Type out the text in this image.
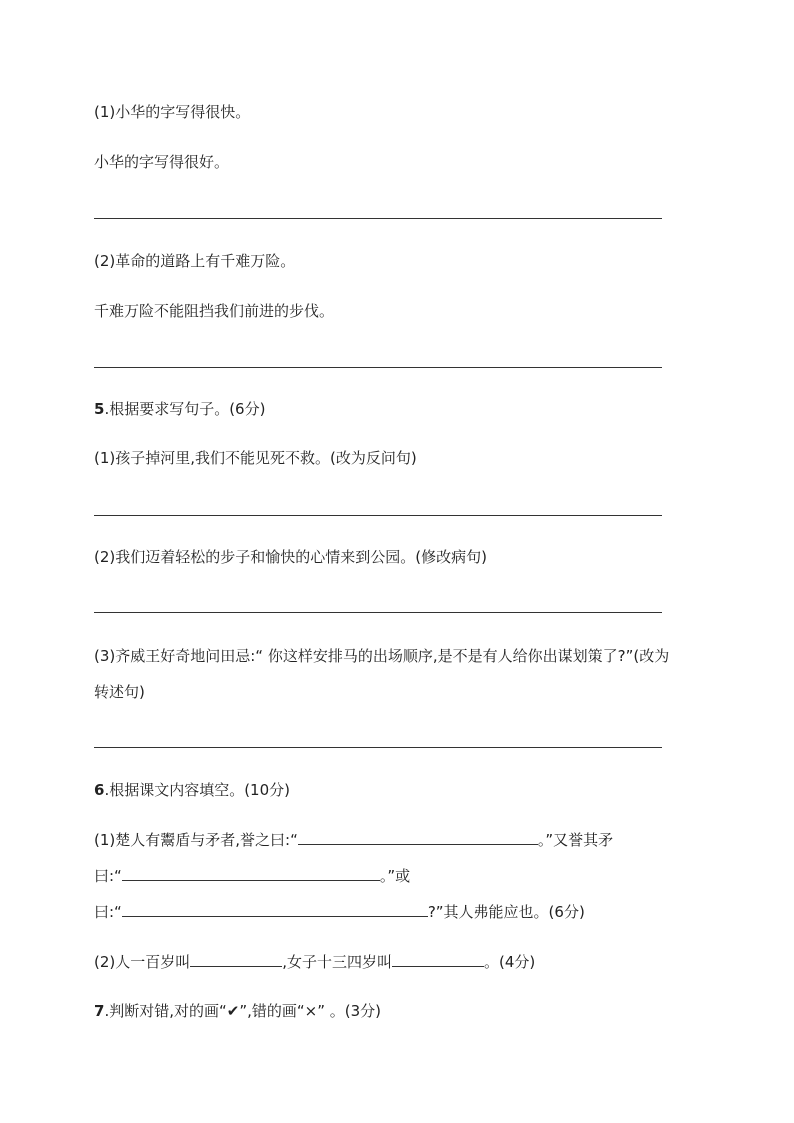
(1)小华的字写得很快。
小华的字写得很好。
(2)革命的道路上有千难万险。
千难万险不能阻挡我们前进的步伐。
5.根据要求写句子。(6分)
(1)孩子掉河里,我们不能见死不救。(改为反问句)
(2)我们迈着轻松的步子和愉快的心情来到公园。(修改病句)
(3)齐威王好奇地问田忌:“ 你这样安排马的出场顺序,是不是有人给你出谋划策了?”(改为
转述句)
6.根据课文内容填空。(10分)
(1)楚人有鬻盾与矛者,誉之曰:“	。”又誉其矛
曰:“	。”或
曰:“	?”其人弗能应也。(6分)
(2)人一百岁叫	,女子十三四岁叫	。(4分)
7.判断对错,对的画“✔”,错的画“×” 。(3分)
